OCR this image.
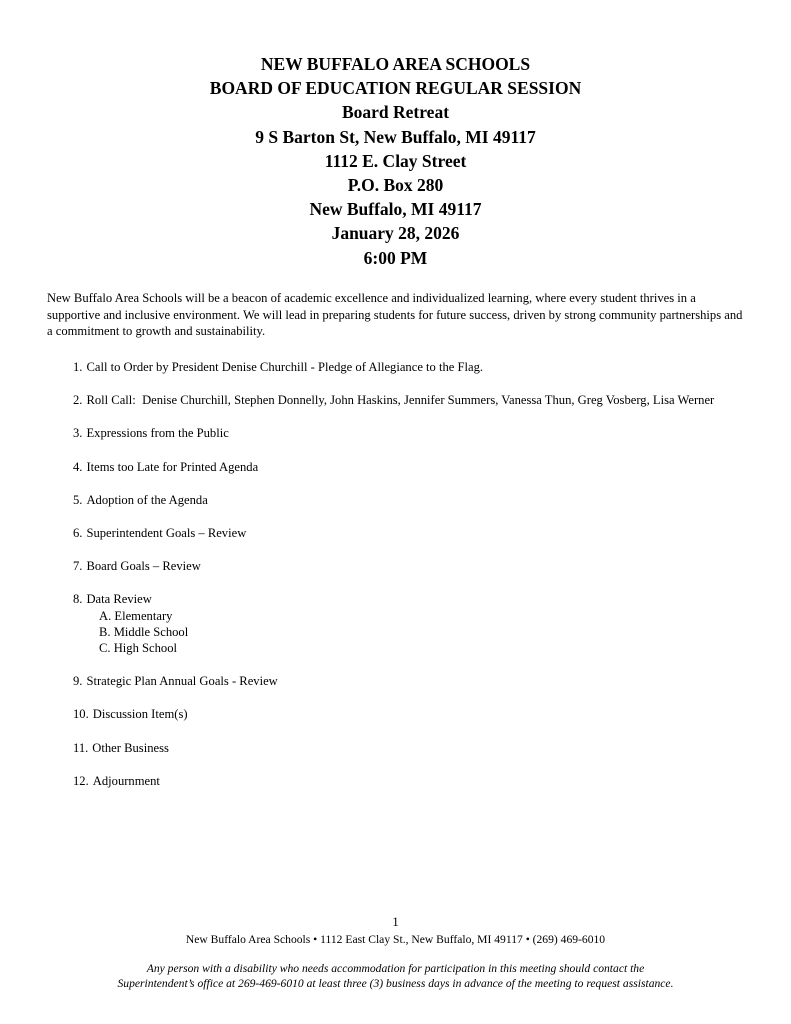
NEW BUFFALO AREA SCHOOLS
BOARD OF EDUCATION REGULAR SESSION
Board Retreat
9 S Barton St, New Buffalo, MI 49117
1112 E. Clay Street
P.O. Box 280
New Buffalo, MI 49117
January 28, 2026
6:00 PM
New Buffalo Area Schools will be a beacon of academic excellence and individualized learning, where every student thrives in a supportive and inclusive environment. We will lead in preparing students for future success, driven by strong community partnerships and a commitment to growth and sustainability.
1. Call to Order by President Denise Churchill - Pledge of Allegiance to the Flag.
2. Roll Call:  Denise Churchill, Stephen Donnelly, John Haskins, Jennifer Summers, Vanessa Thun, Greg Vosberg, Lisa Werner
3. Expressions from the Public
4. Items too Late for Printed Agenda
5. Adoption of the Agenda
6. Superintendent Goals – Review
7. Board Goals – Review
8. Data Review
A. Elementary
B. Middle School
C. High School
9. Strategic Plan Annual Goals - Review
10. Discussion Item(s)
11. Other Business
12. Adjournment
1
New Buffalo Area Schools • 1112 East Clay St., New Buffalo, MI 49117 • (269) 469-6010
Any person with a disability who needs accommodation for participation in this meeting should contact the
Superintendent’s office at 269-469-6010 at least three (3) business days in advance of the meeting to request assistance.
